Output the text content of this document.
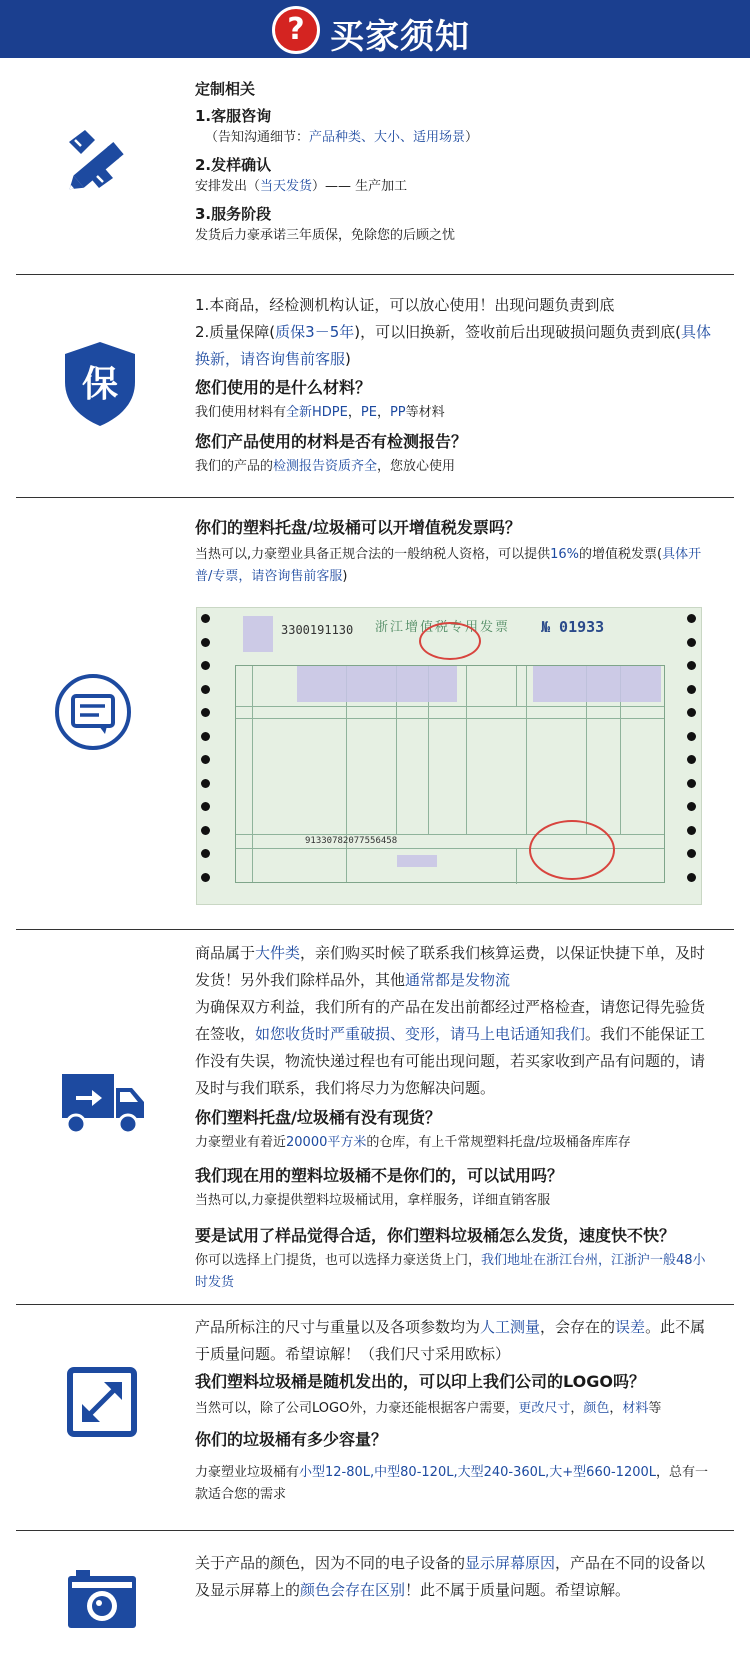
? 买家须知
定制相关
1.客服咨询
（告知沟通细节：产品种类、大小、适用场景）
2.发样确认
安排发出（当天发货）—— 生产加工
3.服务阶段
发货后力豪承诺三年质保，免除您的后顾之忧
保
1.本商品，经检测机构认证，可以放心使用！出现问题负责到底
2.质量保障(质保3－5年)，可以旧换新，签收前后出现破损问题负责到底(具体换新，请咨询售前客服)
您们使用的是什么材料？
我们使用材料有全新HDPE，PE，PP等材料
您们产品使用的材料是否有检测报告？
我们的产品的检测报告资质齐全，您放心使用
你们的塑料托盘/垃圾桶可以开增值税发票吗？
当热可以,力豪塑业具备正规合法的一般纳税人资格，可以提供16%的增值税发票(具体开普/专票，请咨询售前客服)
3300191130 浙江增值税专用发票 № 01933
91330782077556458
商品属于大件类，亲们购买时候了联系我们核算运费，以保证快捷下单，及时发货！另外我们除样品外，其他通常都是发物流
为确保双方利益，我们所有的产品在发出前都经过严格检查，请您记得先验货在签收，如您收货时严重破损、变形，请马上电话通知我们。我们不能保证工作没有失误，物流快递过程也有可能出现问题，若买家收到产品有问题的，请及时与我们联系，我们将尽力为您解决问题。
你们塑料托盘/垃圾桶有没有现货？
力豪塑业有着近20000平方米的仓库，有上千常规塑料托盘/垃圾桶备库库存
我们现在用的塑料垃圾桶不是你们的，可以试用吗？
当热可以,力豪提供塑料垃圾桶试用，拿样服务，详细直销客服
要是试用了样品觉得合适，你们塑料垃圾桶怎么发货，速度快不快？
你可以选择上门提货，也可以选择力豪送货上门，我们地址在浙江台州，江浙沪一般48小时发货
产品所标注的尺寸与重量以及各项参数均为人工测量，会存在的误差。此不属于质量问题。希望谅解！（我们尺寸采用欧标）
我们塑料垃圾桶是随机发出的，可以印上我们公司的LOGO吗？
当然可以，除了公司LOGO外，力豪还能根据客户需要，更改尺寸，颜色，材料等
你们的垃圾桶有多少容量？
力豪塑业垃圾桶有小型12-80L,中型80-120L,大型240-360L,大+型660-1200L，总有一款适合您的需求
关于产品的颜色，因为不同的电子设备的显示屏幕原因，产品在不同的设备以及显示屏幕上的颜色会存在区别！此不属于质量问题。希望谅解。
